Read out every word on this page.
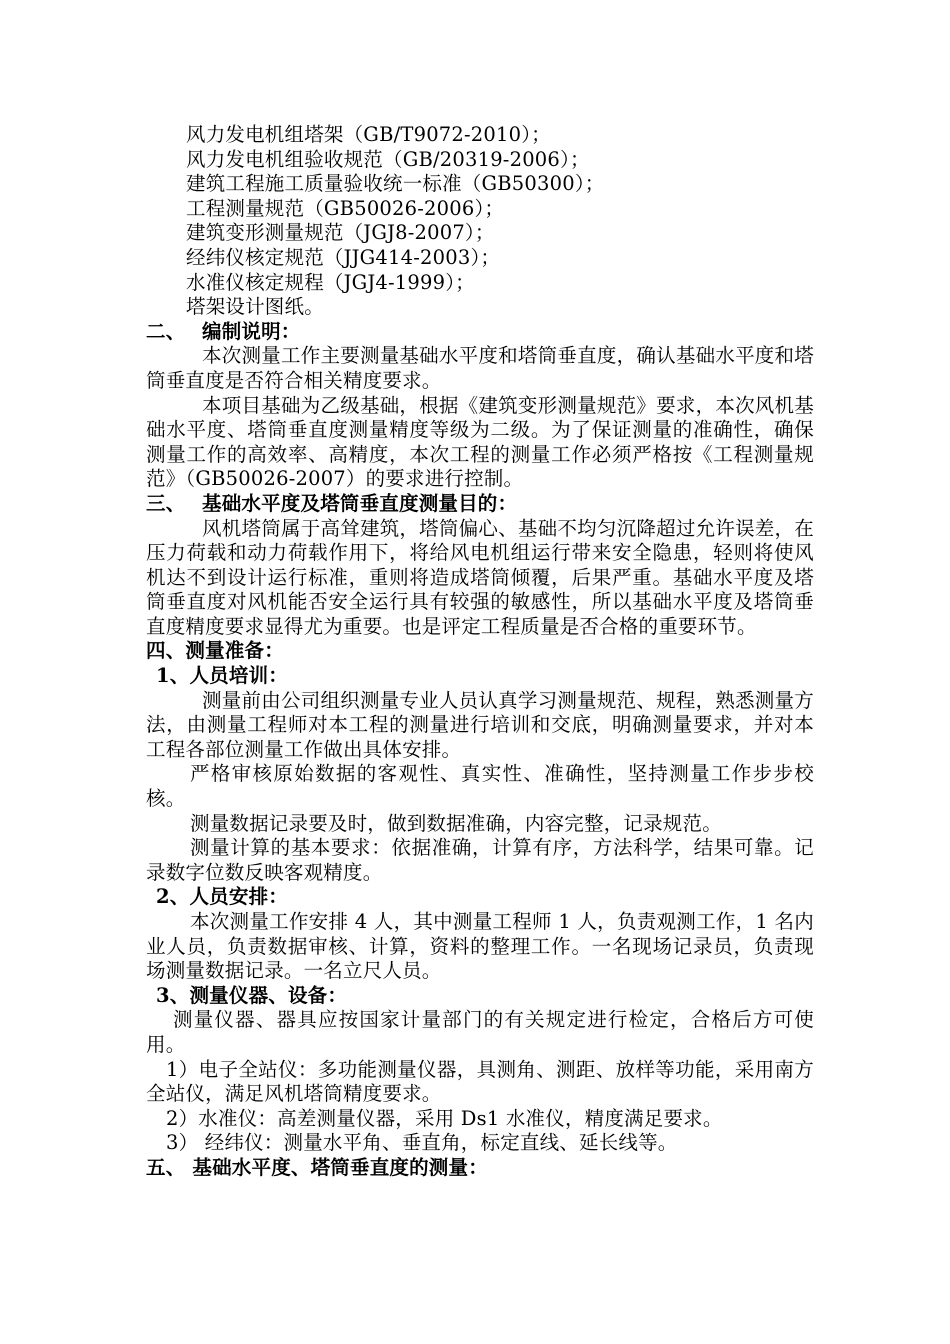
风力发电机组塔架（GB/T9072-2010）；
风力发电机组验收规范（GB/20319-2006）；
建筑工程施工质量验收统一标准（GB50300）；
工程测量规范（GB50026-2006）；
建筑变形测量规范（JGJ8-2007）；
经纬仪核定规范（JJG414-2003）；
水准仪核定规程（JGJ4-1999）；
塔架设计图纸。
二、 编制说明：
本次测量工作主要测量基础水平度和塔筒垂直度，确认基础水平度和塔筒垂直度是否符合相关精度要求。
本项目基础为乙级基础，根据《建筑变形测量规范》要求，本次风机基础水平度、塔筒垂直度测量精度等级为二级。为了保证测量的准确性，确保测量工作的高效率、高精度，本次工程的测量工作必须严格按《工程测量规范》（GB50026-2007）的要求进行控制。
三、 基础水平度及塔筒垂直度测量目的：
风机塔筒属于高耸建筑，塔筒偏心、基础不均匀沉降超过允许误差，在压力荷载和动力荷载作用下，将给风电机组运行带来安全隐患，轻则将使风机达不到设计运行标准，重则将造成塔筒倾覆，后果严重。基础水平度及塔筒垂直度对风机能否安全运行具有较强的敏感性，所以基础水平度及塔筒垂直度精度要求显得尤为重要。也是评定工程质量是否合格的重要环节。
四、测量准备：
1、人员培训：
测量前由公司组织测量专业人员认真学习测量规范、规程，熟悉测量方法，由测量工程师对本工程的测量进行培训和交底，明确测量要求，并对本工程各部位测量工作做出具体安排。
严格审核原始数据的客观性、真实性、准确性，坚持测量工作步步校核。
测量数据记录要及时，做到数据准确，内容完整，记录规范。
测量计算的基本要求：依据准确，计算有序，方法科学，结果可靠。记录数字位数反映客观精度。
2、人员安排：
本次测量工作安排 4 人，其中测量工程师 1 人，负责观测工作，1 名内业人员，负责数据审核、计算，资料的整理工作。一名现场记录员，负责现场测量数据记录。一名立尺人员。
3、测量仪器、设备：
测量仪器、器具应按国家计量部门的有关规定进行检定，合格后方可使用。
1）电子全站仪：多功能测量仪器，具测角、测距、放样等功能，采用南方全站仪，满足风机塔筒精度要求。
2）水准仪：高差测量仪器，采用 Ds1 水准仪，精度满足要求。
3） 经纬仪：测量水平角、垂直角，标定直线、延长线等。
五、 基础水平度、塔筒垂直度的测量：
